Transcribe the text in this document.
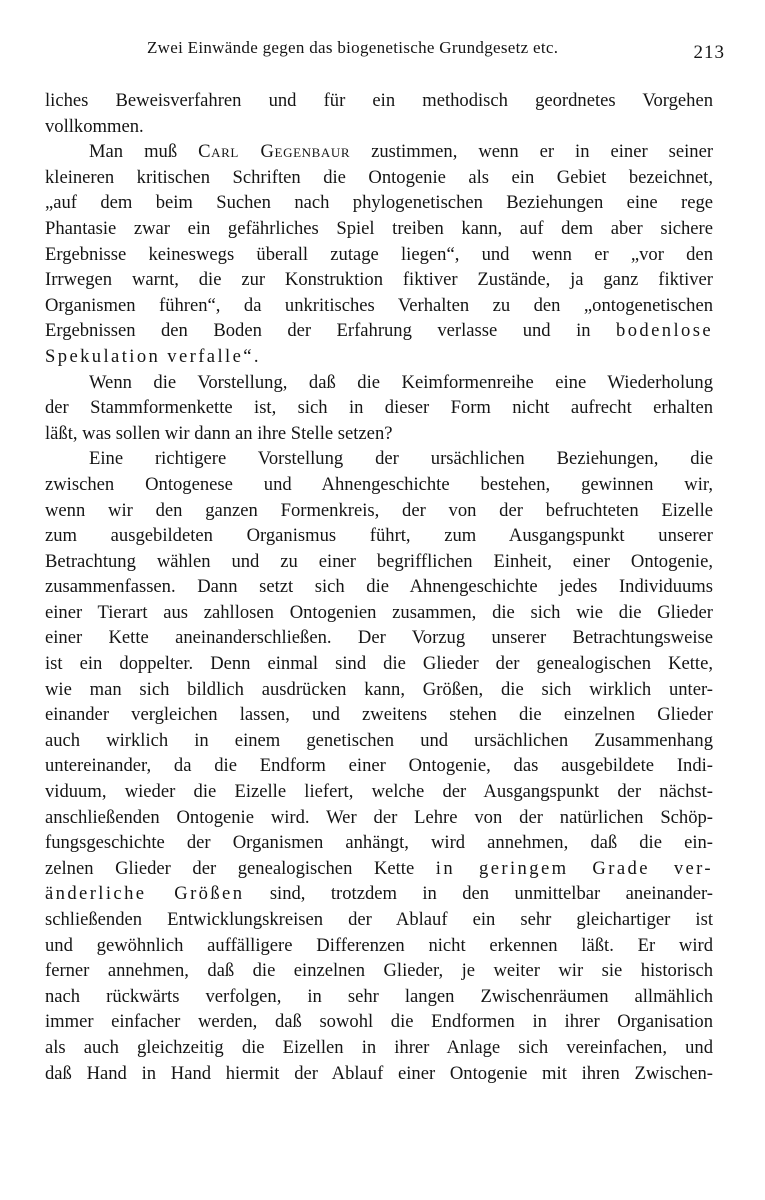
Zwei Einwände gegen das biogenetische Grundgesetz etc.	213

liches Beweisverfahren und für ein methodisch geordnetes Vorgehen
vollkommen.

Man muß Carl Gegenbaur zustimmen, wenn er in einer seiner
kleineren kritischen Schriften die Ontogenie als ein Gebiet bezeichnet,
„auf dem beim Suchen nach phylogenetischen Beziehungen eine rege
Phantasie zwar ein gefährliches Spiel treiben kann, auf dem aber sichere
Ergebnisse keineswegs überall zutage liegen“, und wenn er „vor den
Irrwegen warnt, die zur Konstruktion fiktiver Zustände, ja ganz fiktiver
Organismen führen“, da unkritisches Verhalten zu den „ontogenetischen
Ergebnissen den Boden der Erfahrung verlasse und in bodenlose
Spekulation verfalle“.

Wenn die Vorstellung, daß die Keimformenreihe eine Wiederholung
der Stammformenkette ist, sich in dieser Form nicht aufrecht erhalten
läßt, was sollen wir dann an ihre Stelle setzen?

Eine richtigere Vorstellung der ursächlichen Beziehungen, die
zwischen Ontogenese und Ahnengeschichte bestehen, gewinnen wir,
wenn wir den ganzen Formenkreis, der von der befruchteten Eizelle
zum ausgebildeten Organismus führt, zum Ausgangspunkt unserer
Betrachtung wählen und zu einer begrifflichen Einheit, einer Ontogenie,
zusammenfassen. Dann setzt sich die Ahnengeschichte jedes Individuums
einer Tierart aus zahllosen Ontogenien zusammen, die sich wie die Glieder
einer Kette aneinanderschließen. Der Vorzug unserer Betrachtungsweise
ist ein doppelter. Denn einmal sind die Glieder der genealogischen Kette,
wie man sich bildlich ausdrücken kann, Größen, die sich wirklich unter-
einander vergleichen lassen, und zweitens stehen die einzelnen Glieder
auch wirklich in einem genetischen und ursächlichen Zusammenhang
untereinander, da die Endform einer Ontogenie, das ausgebildete Indi-
viduum, wieder die Eizelle liefert, welche der Ausgangspunkt der nächst-
anschließenden Ontogenie wird. Wer der Lehre von der natürlichen Schöp-
fungsgeschichte der Organismen anhängt, wird annehmen, daß die ein-
zelnen Glieder der genealogischen Kette in geringem Grade ver-
änderliche Größen sind, trotzdem in den unmittelbar aneinander-
schließenden Entwicklungskreisen der Ablauf ein sehr gleichartiger ist
und gewöhnlich auffälligere Differenzen nicht erkennen läßt. Er wird
ferner annehmen, daß die einzelnen Glieder, je weiter wir sie historisch
nach rückwärts verfolgen, in sehr langen Zwischenräumen allmählich
immer einfacher werden, daß sowohl die Endformen in ihrer Organisation
als auch gleichzeitig die Eizellen in ihrer Anlage sich vereinfachen, und
daß Hand in Hand hiermit der Ablauf einer Ontogenie mit ihren Zwischen-
